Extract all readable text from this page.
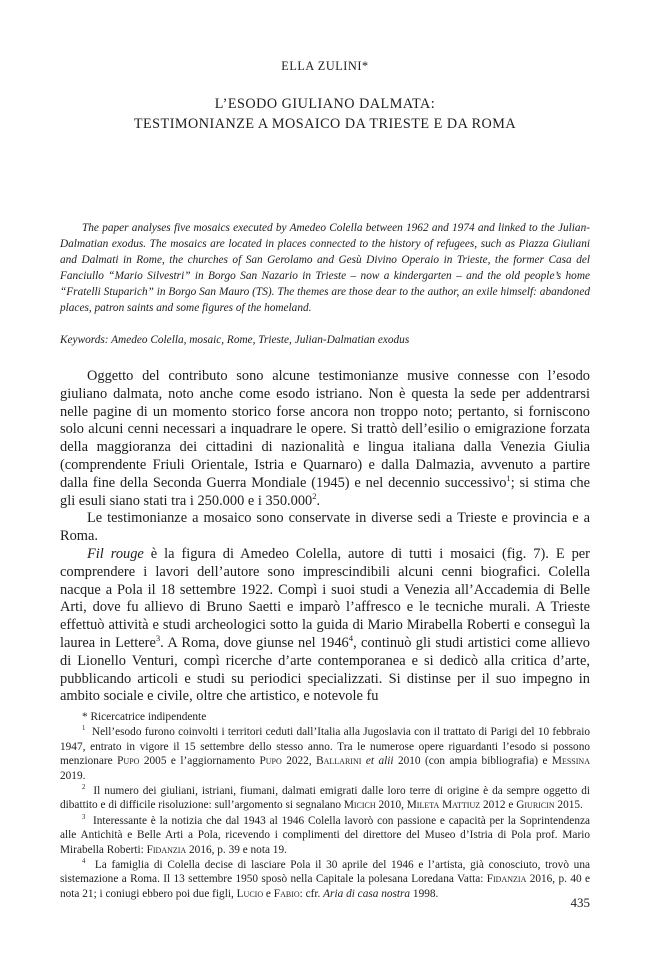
ELLA ZULINI*
L’ESODO GIULIANO DALMATA:
TESTIMONIANZE A MOSAICO DA TRIESTE E DA ROMA

The paper analyses five mosaics executed by Amedeo Colella between 1962 and 1974 and linked to the Julian-Dalmatian exodus. The mosaics are located in places connected to the history of refugees, such as Piazza Giuliani and Dalmati in Rome, the churches of San Gerolamo and Gesù Divino Operaio in Trieste, the former Casa del Fanciullo “Mario Silvestri” in Borgo San Nazario in Trieste – now a kindergarten – and the old people’s home “Fratelli Stuparich” in Borgo San Mauro (TS). The themes are those dear to the author, an exile himself: abandoned places, patron saints and some figures of the homeland.

Keywords: Amedeo Colella, mosaic, Rome, Trieste, Julian-Dalmatian exodus

Oggetto del contributo sono alcune testimonianze musive connesse con l’esodo giuliano dalmata, noto anche come esodo istriano. Non è questa la sede per addentrarsi nelle pagine di un momento storico forse ancora non troppo noto; pertanto, si forniscono solo alcuni cenni necessari a inquadrare le opere. Si trattò dell’esilio o emigrazione forzata della maggioranza dei cittadini di nazionalità e lingua italiana dalla Venezia Giulia (comprendente Friuli Orientale, Istria e Quarnaro) e dalla Dalmazia, avvenuto a partire dalla fine della Seconda Guerra Mondiale (1945) e nel decennio successivo$^1$; si stima che gli esuli siano stati tra i 250.000 e i 350.000$^2$.

Le testimonianze a mosaico sono conservate in diverse sedi a Trieste e provincia e a Roma.

Fil rouge è la figura di Amedeo Colella, autore di tutti i mosaici (fig. 7). E per comprendere i lavori dell’autore sono imprescindibili alcuni cenni biografici. Colella nacque a Pola il 18 settembre 1922. Compì i suoi studi a Venezia all’Accademia di Belle Arti, dove fu allievo di Bruno Saetti e imparò l’affresco e le tecniche murali. A Trieste effettuò attività e studi archeologici sotto la guida di Mario Mirabella Roberti e conseguì la laurea in Lettere$^3$. A Roma, dove giunse nel 1946$^4$, continuò gli studi artistici come allievo di Lionello Venturi, compì ricerche d’arte contemporanea e si dedicò alla critica d’arte, pubblicando articoli e studi su periodici specializzati. Si distinse per il suo impegno in ambito sociale e civile, oltre che artistico, e notevole fu

* Ricercatrice indipendente

$^1$ Nell’esodo furono coinvolti i territori ceduti dall’Italia alla Jugoslavia con il trattato di Parigi del 10 febbraio 1947, entrato in vigore il 15 settembre dello stesso anno. Tra le numerose opere riguardanti l’esodo si possono menzionare Pupo 2005 e l’aggiornamento Pupo 2022, Ballarini et alii 2010 (con ampia bibliografia) e Messina 2019.

$^2$ Il numero dei giuliani, istriani, fiumani, dalmati emigrati dalle loro terre di origine è da sempre oggetto di dibattito e di difficile risoluzione: sull’argomento si segnalano Micich 2010, Mileta Mattiuz 2012 e Giuricin 2015.

$^3$ Interessante è la notizia che dal 1943 al 1946 Colella lavorò con passione e capacità per la Soprintendenza alle Antichità e Belle Arti a Pola, ricevendo i complimenti del direttore del Museo d’Istria di Pola prof. Mario Mirabella Roberti: Fidanzia 2016, p. 39 e nota 19.

$^4$ La famiglia di Colella decise di lasciare Pola il 30 aprile del 1946 e l’artista, già conosciuto, trovò una sistemazione a Roma. Il 13 settembre 1950 sposò nella Capitale la polesana Loredana Vatta: Fidanzia 2016, p. 40 e nota 21; i coniugi ebbero poi due figli, Lucio e Fabio: cfr. Aria di casa nostra 1998.

435
